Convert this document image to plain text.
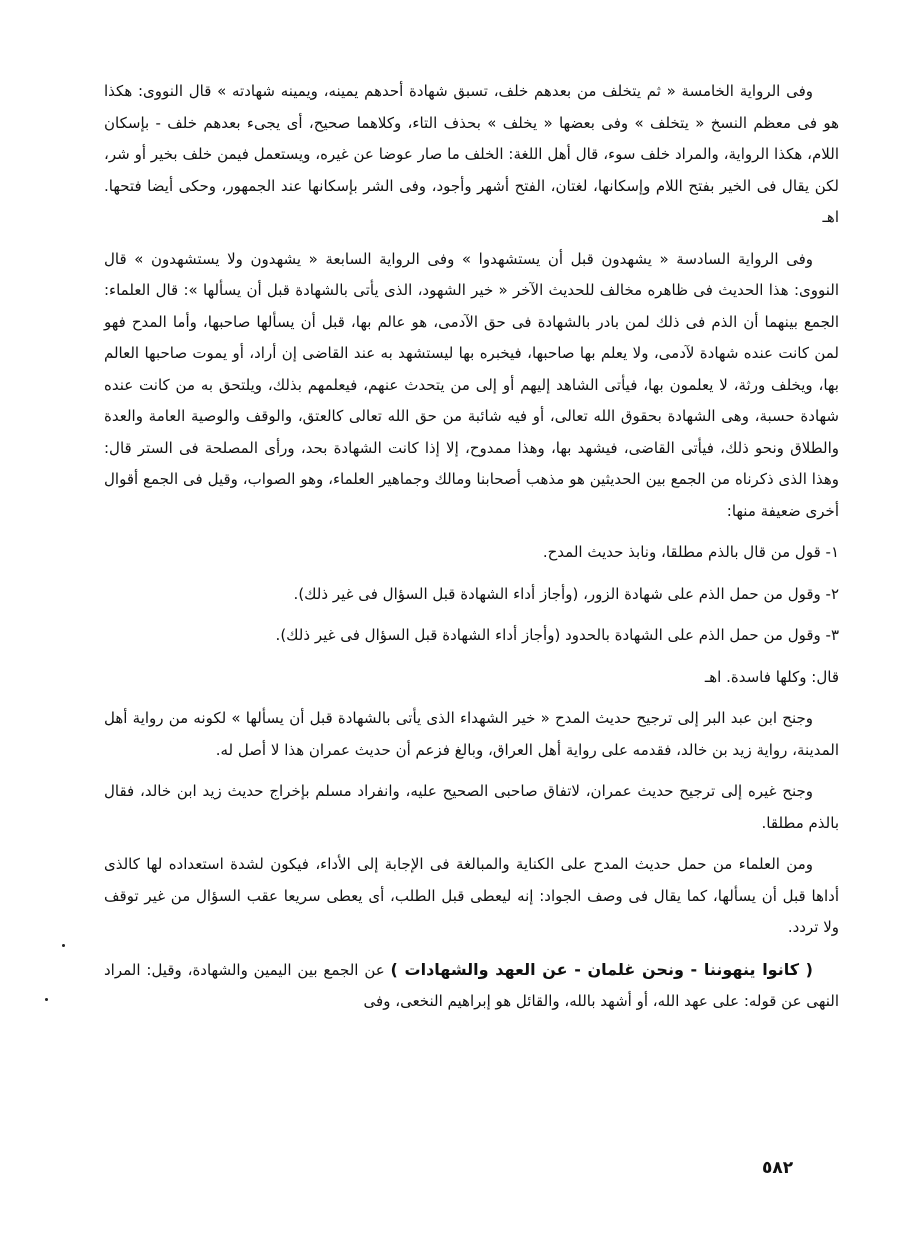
وفى الرواية الخامسة « ثم يتخلف من بعدهم خلف، تسبق شهادة أحدهم يمينه، ويمينه شهادته » قال النووى: هكذا هو فى معظم النسخ « يتخلف » وفى بعضها « يخلف » بحذف التاء، وكلاهما صحيح، أى يجىء بعدهم خلف - بإسكان اللام، هكذا الرواية، والمراد خلف سوء، قال أهل اللغة: الخلف ما صار عوضا عن غيره، ويستعمل فيمن خلف بخير أو شر، لكن يقال فى الخير بفتح اللام وإسكانها، لغتان، الفتح أشهر وأجود، وفى الشر بإسكانها عند الجمهور، وحكى أيضا فتحها. اهـ

وفى الرواية السادسة « يشهدون قبل أن يستشهدوا » وفى الرواية السابعة « يشهدون ولا يستشهدون » قال النووى: هذا الحديث فى ظاهره مخالف للحديث الآخر « خير الشهود، الذى يأتى بالشهادة قبل أن يسألها »: قال العلماء: الجمع بينهما أن الذم فى ذلك لمن بادر بالشهادة فى حق الآدمى، هو عالم بها، قبل أن يسألها صاحبها، وأما المدح فهو لمن كانت عنده شهادة لآدمى، ولا يعلم بها صاحبها، فيخبره بها ليستشهد به عند القاضى إن أراد، أو يموت صاحبها العالم بها، ويخلف ورثة، لا يعلمون بها، فيأتى الشاهد إليهم أو إلى من يتحدث عنهم، فيعلمهم بذلك، ويلتحق به من كانت عنده شهادة حسبة، وهى الشهادة بحقوق الله تعالى، أو فيه شائبة من حق الله تعالى كالعتق، والوقف والوصية العامة والعدة والطلاق ونحو ذلك، فيأتى القاضى، فيشهد بها، وهذا ممدوح، إلا إذا كانت الشهادة بحد، ورأى المصلحة فى الستر قال: وهذا الذى ذكرناه من الجمع بين الحديثين هو مذهب أصحابنا ومالك وجماهير العلماء، وهو الصواب، وقيل فى الجمع أقوال أخرى ضعيفة منها:

١- قول من قال بالذم مطلقا، ونابذ حديث المدح.

٢- وقول من حمل الذم على شهادة الزور، (وأجاز أداء الشهادة قبل السؤال فى غير ذلك).

٣- وقول من حمل الذم على الشهادة بالحدود (وأجاز أداء الشهادة قبل السؤال فى غير ذلك).

قال: وكلها فاسدة. اهـ

وجنح ابن عبد البر إلى ترجيح حديث المدح « خير الشهداء الذى يأتى بالشهادة قبل أن يسألها » لكونه من رواية أهل المدينة، رواية زيد بن خالد، فقدمه على رواية أهل العراق، وبالغ فزعم أن حديث عمران هذا لا أصل له.

وجنح غيره إلى ترجيح حديث عمران، لاتفاق صاحبى الصحيح عليه، وانفراد مسلم بإخراج حديث زيد ابن خالد، فقال بالذم مطلقا.

ومن العلماء من حمل حديث المدح على الكناية والمبالغة فى الإجابة إلى الأداء، فيكون لشدة استعداده لها كالذى أداها قبل أن يسألها، كما يقال فى وصف الجواد: إنه ليعطى قبل الطلب، أى يعطى سريعا عقب السؤال من غير توقف ولا تردد.

( كانوا ينهوننا - ونحن غلمان - عن العهد والشهادات ) عن الجمع بين اليمين والشهادة، وقيل: المراد النهى عن قوله: على عهد الله، أو أشهد بالله، والقائل هو إبراهيم النخعى، وفى

٥٨٢
